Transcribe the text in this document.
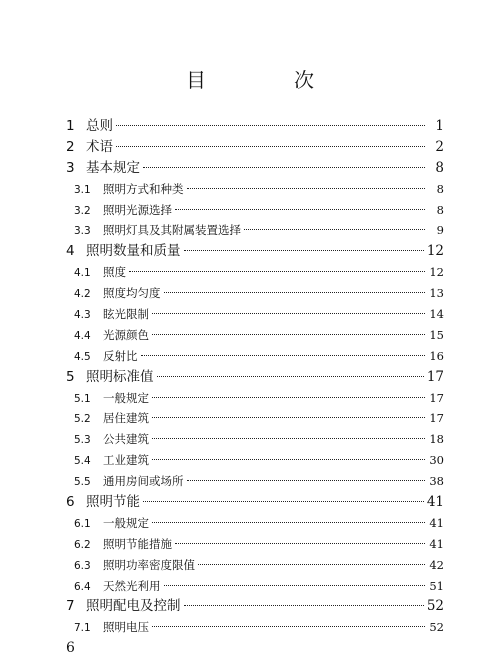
目　次
1 总则	1
2 术语	2
3 基本规定	8
3.1	照明方式和种类	8
3.2	照明光源选择	8
3.3	照明灯具及其附属装置选择	9
4 照明数量和质量	12
4.1	照度	12
4.2	照度均匀度	13
4.3	眩光限制	14
4.4	光源颜色	15
4.5	反射比	16
5 照明标准值	17
5.1	一般规定	17
5.2	居住建筑	17
5.3	公共建筑	18
5.4	工业建筑	30
5.5	通用房间或场所	38
6 照明节能	41
6.1	一般规定	41
6.2	照明节能措施	41
6.3	照明功率密度限值	42
6.4	天然光利用	51
7 照明配电及控制	52
7.1	照明电压	52
6
